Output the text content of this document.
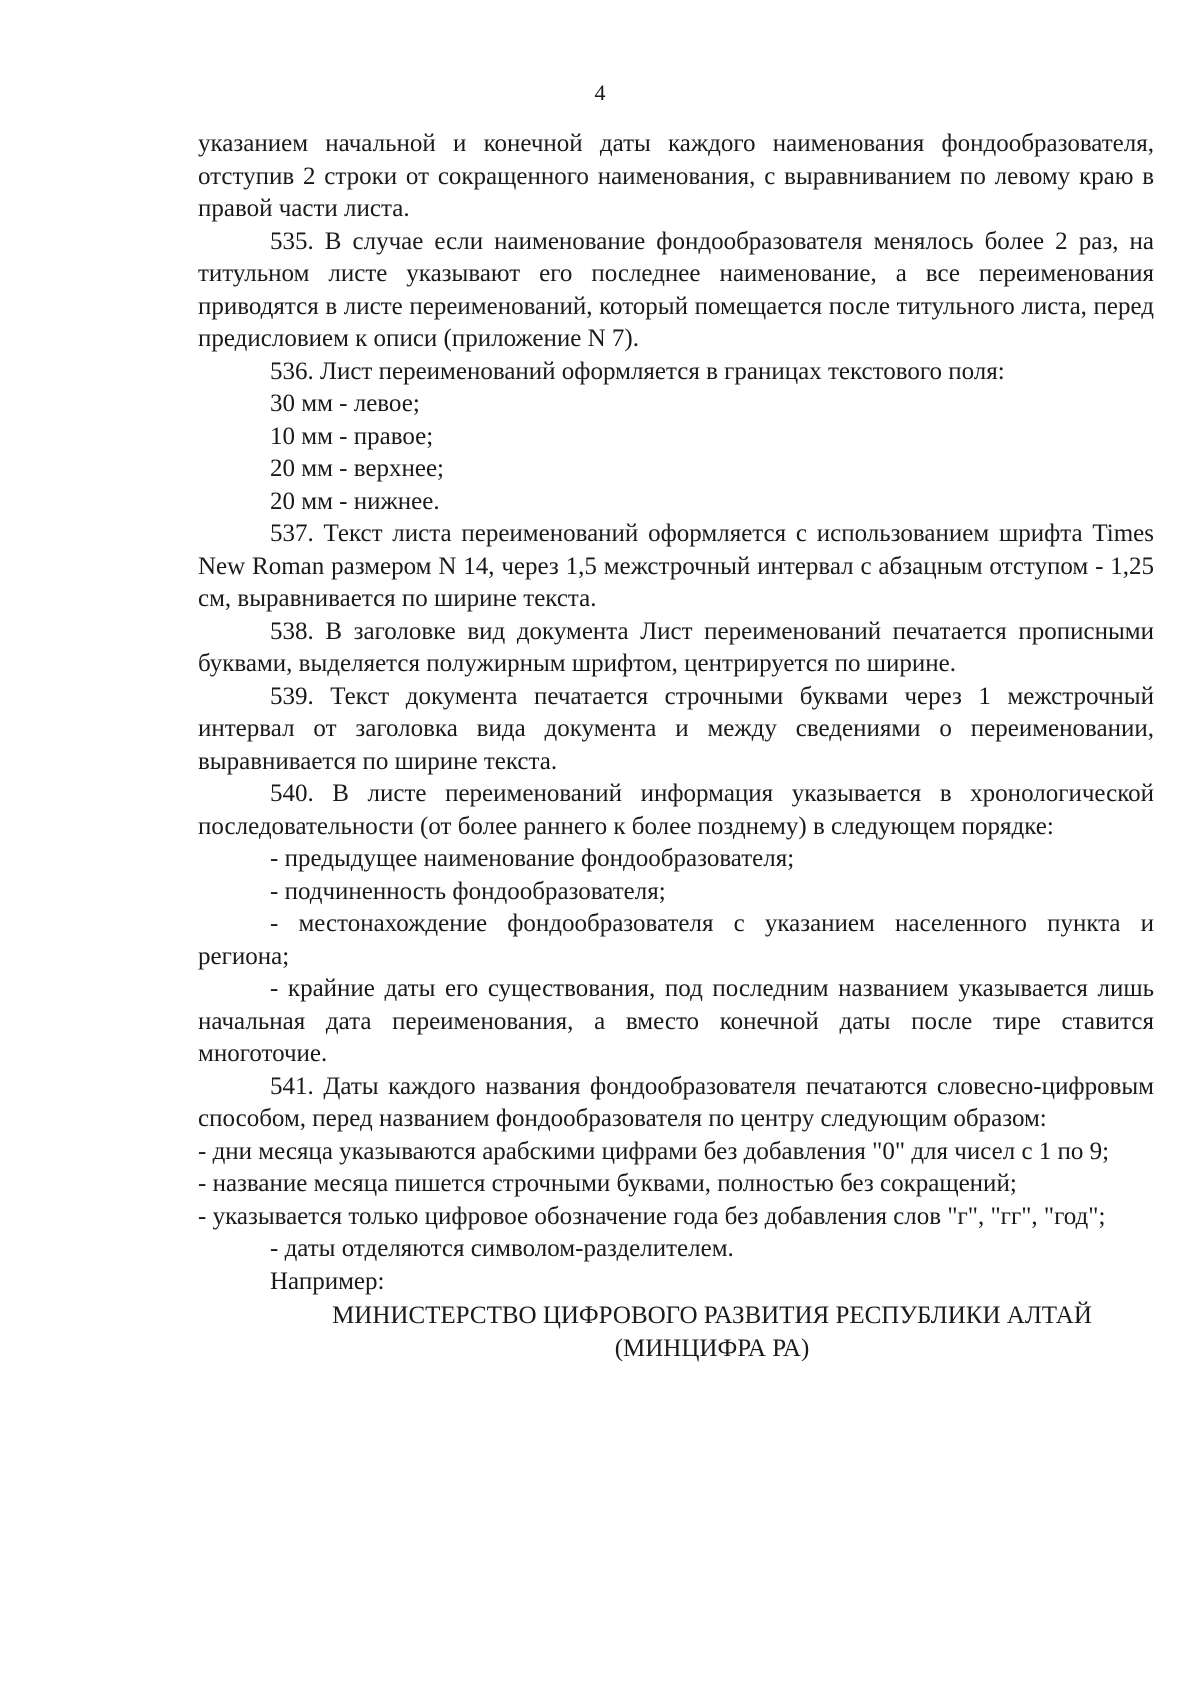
4

указанием начальной и конечной даты каждого наименования фондообразователя, отступив 2 строки от сокращенного наименования, с выравниванием по левому краю в правой части листа.

535. В случае если наименование фондообразователя менялось более 2 раз, на титульном листе указывают его последнее наименование, а все переименования приводятся в листе переименований, который помещается после титульного листа, перед предисловием к описи (приложение N 7).

536. Лист переименований оформляется в границах текстового поля:

30 мм - левое;

10 мм - правое;

20 мм - верхнее;

20 мм - нижнее.

537. Текст листа переименований оформляется с использованием шрифта Times New Roman размером N 14, через 1,5 межстрочный интервал с абзацным отступом - 1,25 см, выравнивается по ширине текста.

538. В заголовке вид документа Лист переименований печатается прописными буквами, выделяется полужирным шрифтом, центрируется по ширине.

539. Текст документа печатается строчными буквами через 1 межстрочный интервал от заголовка вида документа и между сведениями о переименовании, выравнивается по ширине текста.

540. В листе переименований информация указывается в хронологической последовательности (от более раннего к более позднему) в следующем порядке:

- предыдущее наименование фондообразователя;

- подчиненность фондообразователя;

- местонахождение фондообразователя с указанием населенного пункта и региона;

- крайние даты его существования, под последним названием указывается лишь начальная дата переименования, а вместо конечной даты после тире ставится многоточие.

541. Даты каждого названия фондообразователя печатаются словесно-цифровым способом, перед названием фондообразователя по центру следующим образом:

- дни месяца указываются арабскими цифрами без добавления "0" для чисел с 1 по 9;

- название месяца пишется строчными буквами, полностью без сокращений;

- указывается только цифровое обозначение года без добавления слов "г", "гг", "год";

- даты отделяются символом-разделителем.

Например:

МИНИСТЕРСТВО ЦИФРОВОГО РАЗВИТИЯ РЕСПУБЛИКИ АЛТАЙ

(МИНЦИФРА РА)
